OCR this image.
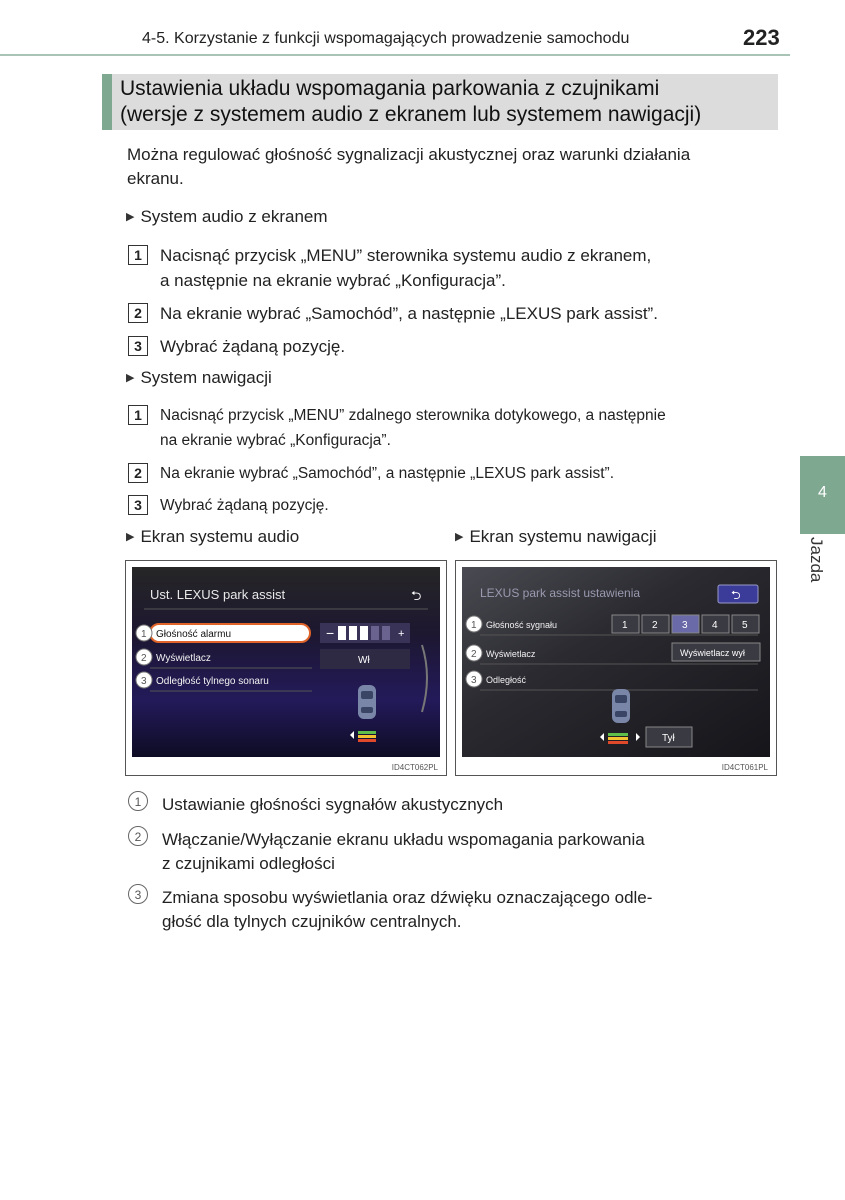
4-5. Korzystanie z funkcji wspomagających prowadzenie samochodu	223
Ustawienia układu wspomagania parkowania z czujnikami
(wersje z systemem audio z ekranem lub systemem nawigacji)
Można regulować głośność sygnalizacji akustycznej oraz warunki działania
ekranu.
▶ System audio z ekranem
1	Nacisnąć przycisk „MENU” sterownika systemu audio z ekranem,
a następnie na ekranie wybrać „Konfiguracja”.
2	Na ekranie wybrać „Samochód”, a następnie „LEXUS park assist”.
3	Wybrać żądaną pozycję.
▶ System nawigacji
1	Nacisnąć przycisk „MENU” zdalnego sterownika dotykowego, a następnie
na ekranie wybrać „Konfiguracja”.
2	Na ekranie wybrać „Samochód”, a następnie „LEXUS park assist”.
3	Wybrać żądaną pozycję.
▶ Ekran systemu audio	▶ Ekran systemu nawigacji
Ust. LEXUS park assist	⮌
1 Głośność alarmu	−	+
2 Wyświetlacz	Wł
3 Odległość tylnego sonaru
ID4CT062PL
LEXUS park assist ustawienia	⮌
1 Głośność sygnału	1 2 3 4 5
2 Wyświetlacz	Wyświetlacz wył
3 Odległość
Tył
ID4CT061PL
1	Ustawianie głośności sygnałów akustycznych
2	Włączanie/Wyłączanie ekranu układu wspomagania parkowania
z czujnikami odległości
3	Zmiana sposobu wyświetlania oraz dźwięku oznaczającego odle-
głość dla tylnych czujników centralnych.
4
Jazda
